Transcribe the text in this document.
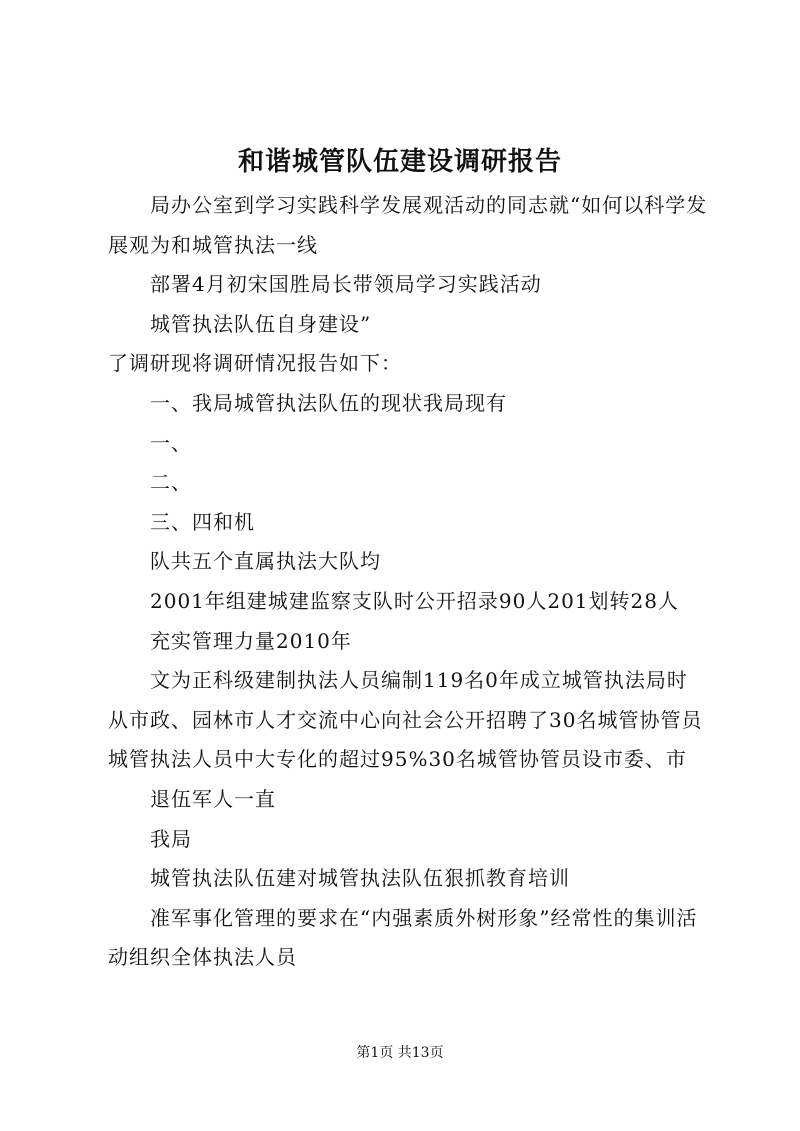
和谐城管队伍建设调研报告

局办公室到学习实践科学发展观活动的同志就“如何以科学发展观为和城管执法一线

部署4月初宋国胜局长带领局学习实践活动

城管执法队伍自身建设”

了调研现将调研情况报告如下：

一、我局城管执法队伍的现状我局现有

一、

二、

三、四和机

队共五个直属执法大队均

2001年组建城建监察支队时公开招录90人201划转28人

充实管理力量2010年

文为正科级建制执法人员编制119名0年成立城管执法局时从市政、园林市人才交流中心向社会公开招聘了30名城管协管员城管执法人员中大专化的超过95%30名城管协管员设市委、市

退伍军人一直

我局

城管执法队伍建对城管执法队伍狠抓教育培训

准军事化管理的要求在“内强素质外树形象”经常性的集训活动组织全体执法人员

第1页 共13页
